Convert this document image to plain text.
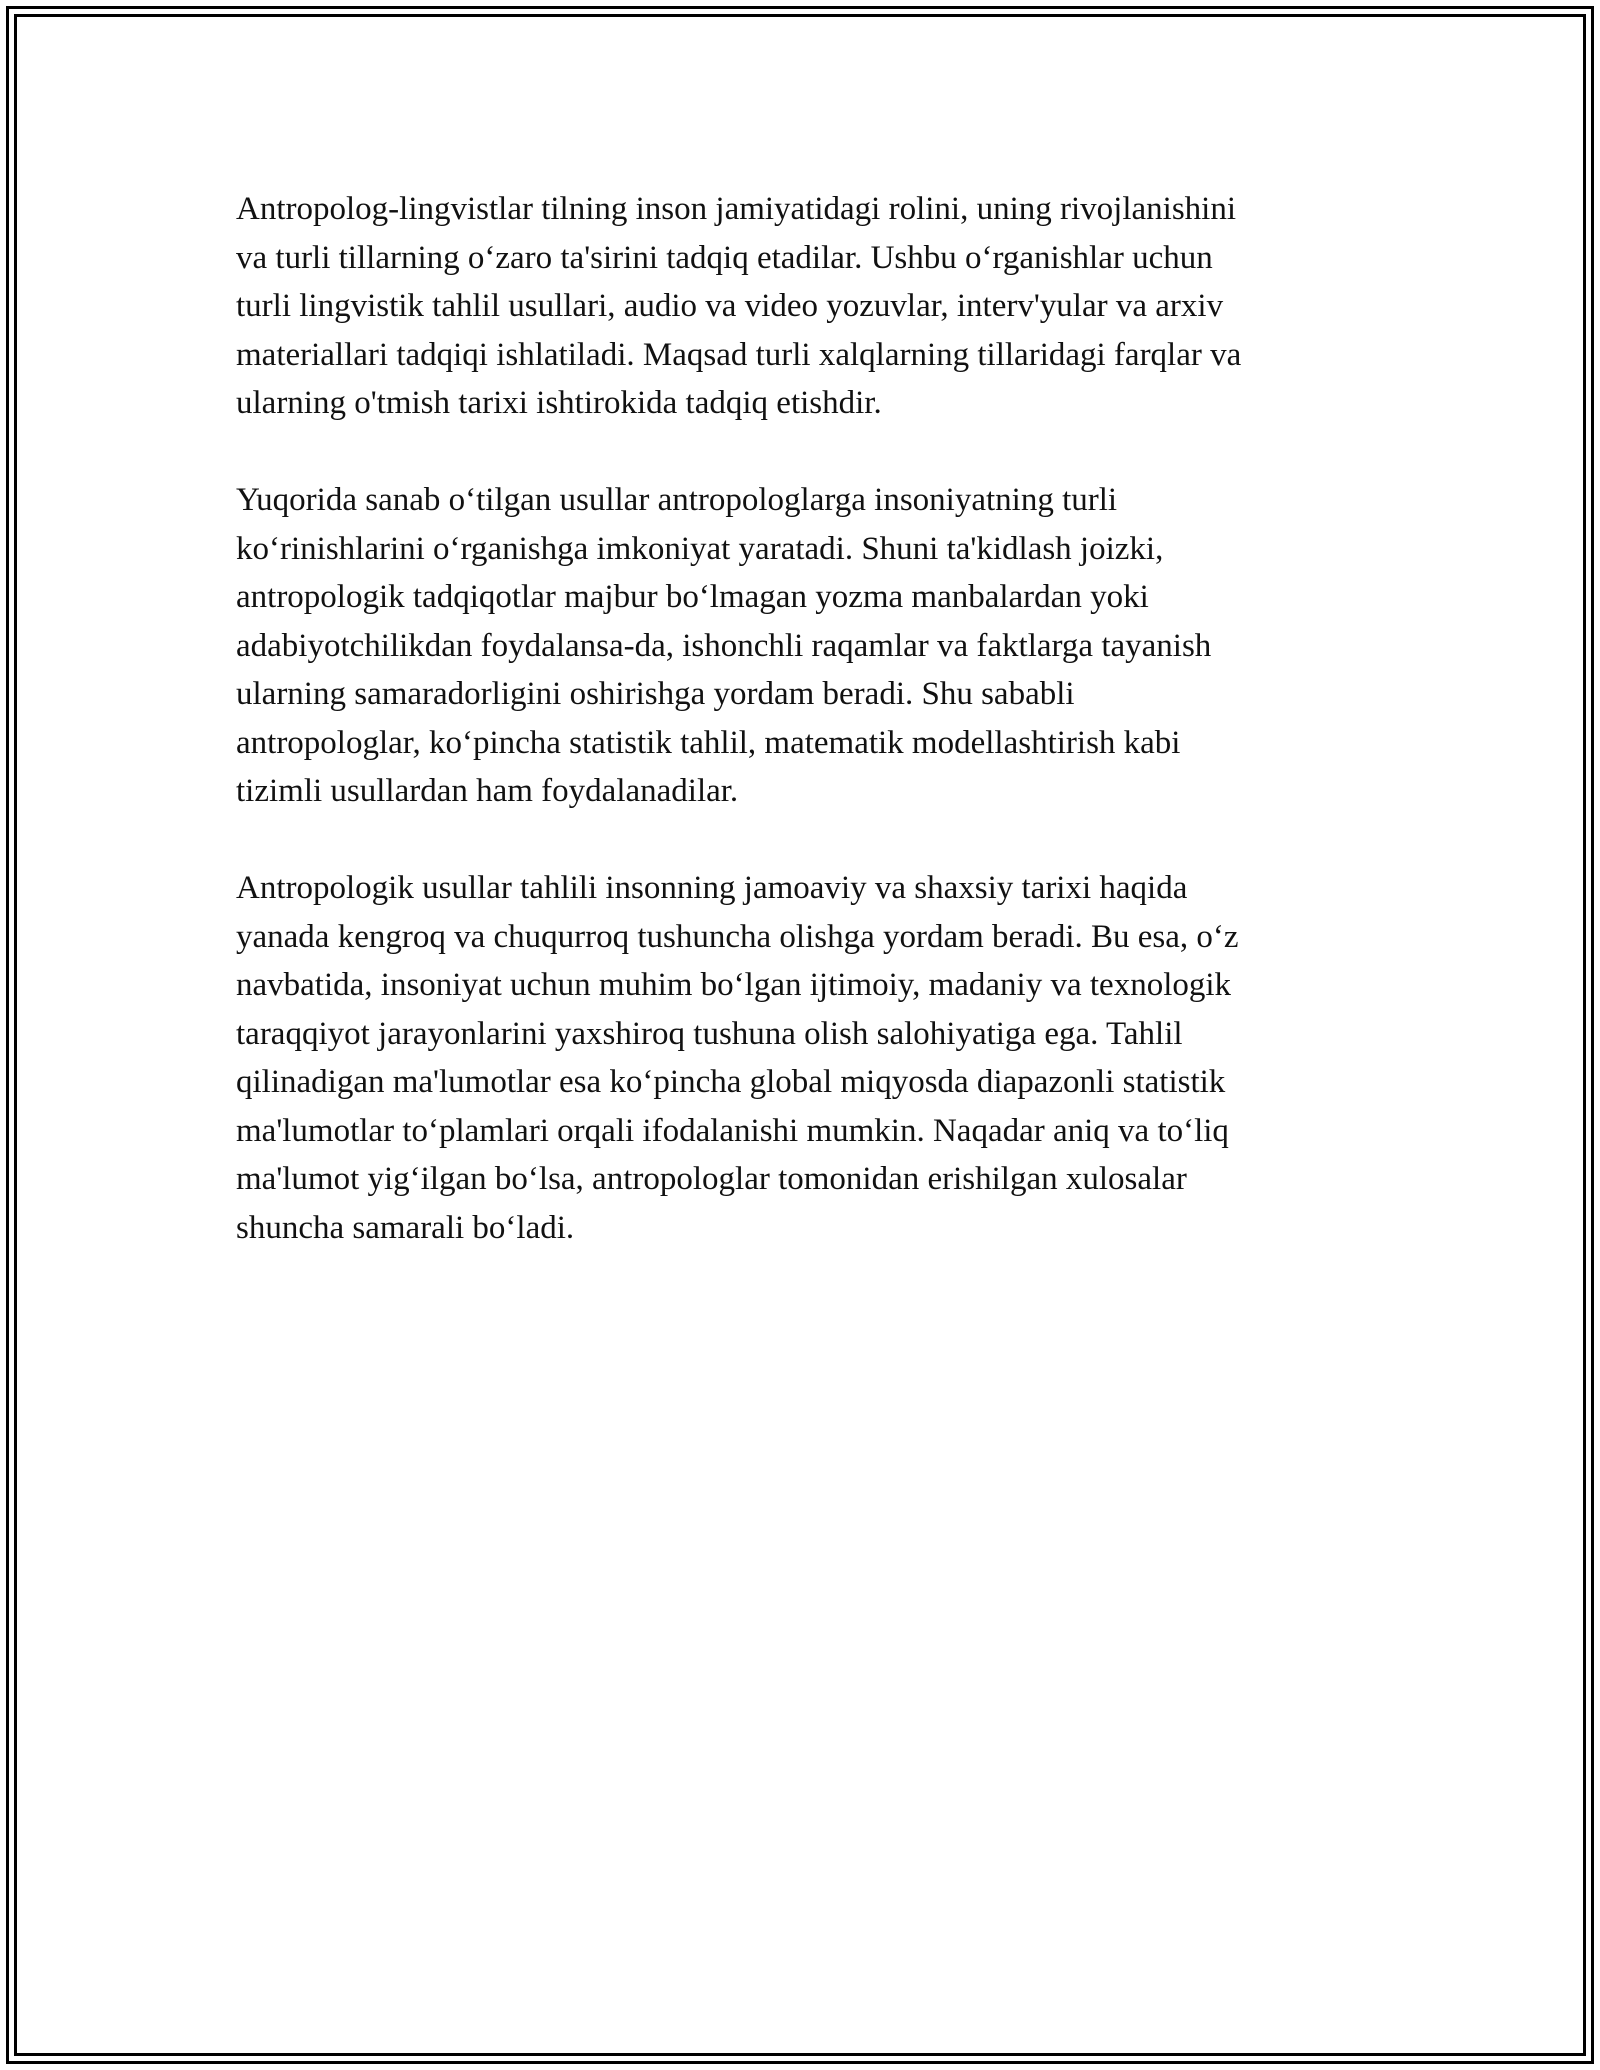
Antropolog-lingvistlar tilning inson jamiyatidagi rolini, uning rivojlanishini
va turli tillarning o‘zaro ta'sirini tadqiq etadilar. Ushbu o‘rganishlar uchun
turli lingvistik tahlil usullari, audio va video yozuvlar, interv'yular va arxiv
materiallari tadqiqi ishlatiladi. Maqsad turli xalqlarning tillaridagi farqlar va
ularning o'tmish tarixi ishtirokida tadqiq etishdir.

Yuqorida sanab o‘tilgan usullar antropologlarga insoniyatning turli
ko‘rinishlarini o‘rganishga imkoniyat yaratadi. Shuni ta'kidlash joizki,
antropologik tadqiqotlar majbur bo‘lmagan yozma manbalardan yoki
adabiyotchilikdan foydalansa-da, ishonchli raqamlar va faktlarga tayanish
ularning samaradorligini oshirishga yordam beradi. Shu sababli
antropologlar, ko‘pincha statistik tahlil, matematik modellashtirish kabi
tizimli usullardan ham foydalanadilar.

Antropologik usullar tahlili insonning jamoaviy va shaxsiy tarixi haqida
yanada kengroq va chuqurroq tushuncha olishga yordam beradi. Bu esa, o‘z
navbatida, insoniyat uchun muhim bo‘lgan ijtimoiy, madaniy va texnologik
taraqqiyot jarayonlarini yaxshiroq tushuna olish salohiyatiga ega. Tahlil
qilinadigan ma'lumotlar esa ko‘pincha global miqyosda diapazonli statistik
ma'lumotlar to‘plamlari orqali ifodalanishi mumkin. Naqadar aniq va to‘liq
ma'lumot yig‘ilgan bo‘lsa, antropologlar tomonidan erishilgan xulosalar
shuncha samarali bo‘ladi.
